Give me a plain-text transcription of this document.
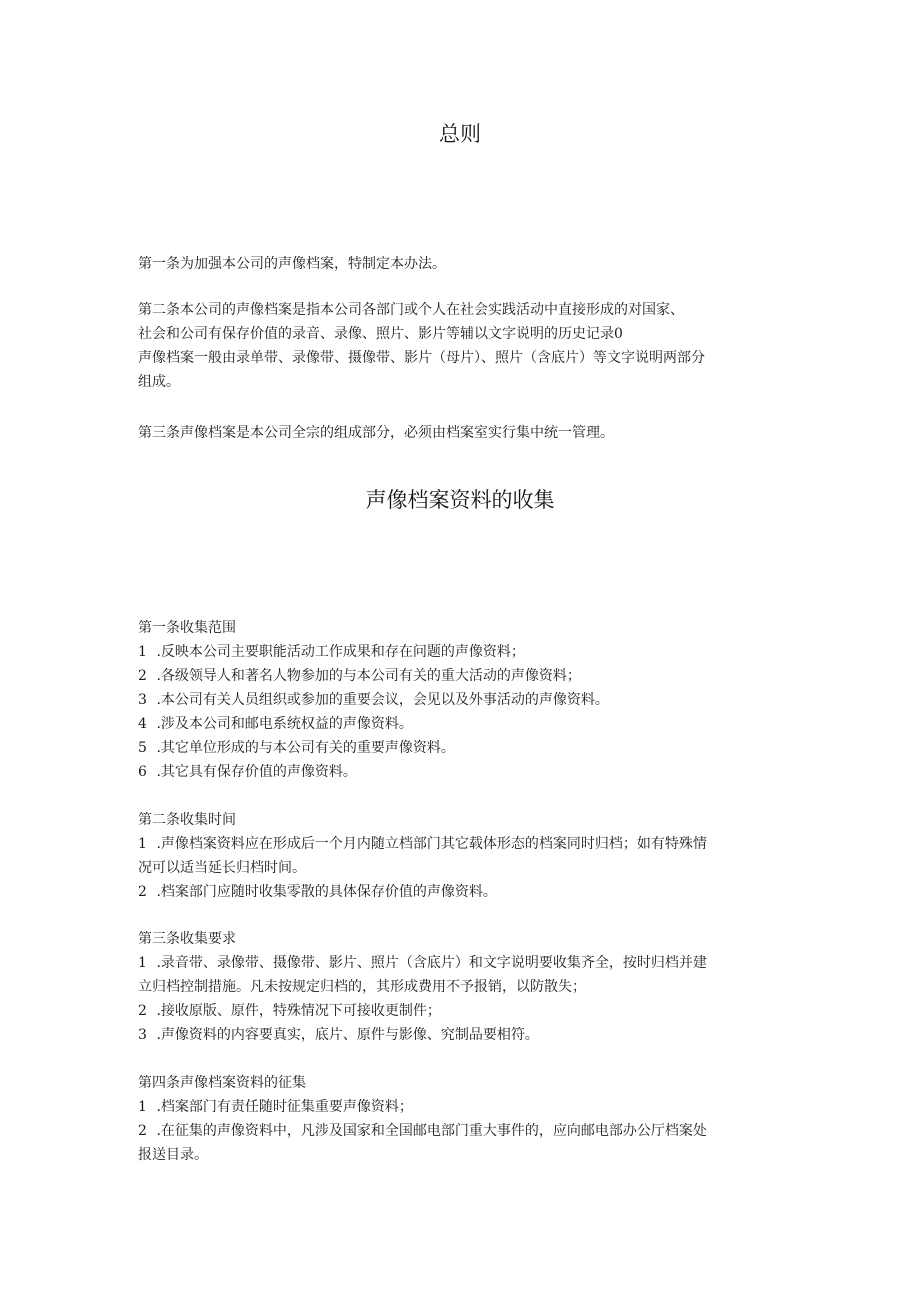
总则
第一条为加强本公司的声像档案，特制定本办法。
第二条本公司的声像档案是指本公司各部门或个人在社会实践活动中直接形成的对国家、
社会和公司有保存价值的录音、录像、照片、影片等辅以文字说明的历史记录0
声像档案一般由录单带、录像带、摄像带、影片（母片）、照片（含底片）等文字说明两部分
组成。
第三条声像档案是本公司全宗的组成部分，必须由档案室实行集中统一管理。
声像档案资料的收集
第一条收集范围
1 .反映本公司主要职能活动工作成果和存在问题的声像资料；
2 .各级领导人和著名人物参加的与本公司有关的重大活动的声像资料；
3 .本公司有关人员组织或参加的重要会议，会见以及外事活动的声像资料。
4 .涉及本公司和邮电系统权益的声像资料。
5 .其它单位形成的与本公司有关的重要声像资料。
6 .其它具有保存价值的声像资料。
第二条收集时间
1 .声像档案资料应在形成后一个月内随立档部门其它载体形态的档案同时归档；如有特殊情
况可以适当延长归档时间。
2 .档案部门应随时收集零散的具体保存价值的声像资料。
第三条收集要求
1 .录音带、录像带、摄像带、影片、照片（含底片）和文字说明要收集齐全，按时归档并建
立归档控制措施。凡未按规定归档的，其形成费用不予报销，以防散失；
2 .接收原版、原件，特殊情况下可接收更制件；
3 .声像资料的内容要真实，底片、原件与影像、究制品要相符。
第四条声像档案资料的征集
1 .档案部门有责任随时征集重要声像资料；
2 .在征集的声像资料中，凡涉及国家和全国邮电部门重大事件的，应向邮电部办公厅档案处
报送目录。
